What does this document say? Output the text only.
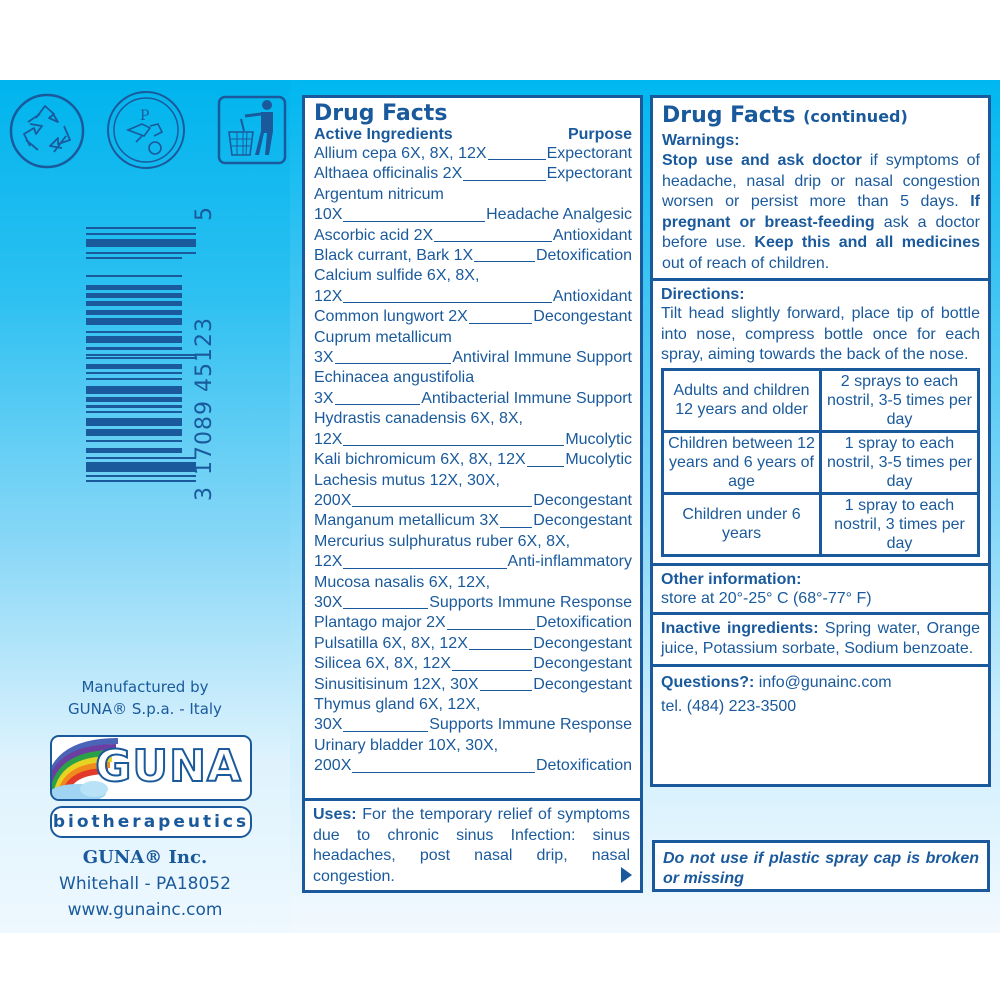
P
3
17089 45123
5
Manufactured by
GUNA® S.p.a. - Italy
GUNA
biotherapeutics
GUNA® Inc.
Whitehall - PA18052
www.gunainc.com
Drug Facts
Active Ingredients	Purpose
Allium cepa 6X, 8X, 12X	Expectorant
Althaea officinalis 2X	Expectorant
Argentum nitricum
10X	Headache Analgesic
Ascorbic acid 2X	Antioxidant
Black currant, Bark 1X	Detoxification
Calcium sulfide 6X, 8X,
12X	Antioxidant
Common lungwort 2X	Decongestant
Cuprum metallicum
3X	Antiviral Immune Support
Echinacea angustifolia
3X	Antibacterial Immune Support
Hydrastis canadensis 6X, 8X,
12X	Mucolytic
Kali bichromicum 6X, 8X, 12X Mucolytic
Lachesis mutus 12X, 30X,
200X	Decongestant
Manganum metallicum 3X Decongestant
Mercurius sulphuratus ruber 6X, 8X,
12X	Anti-inflammatory
Mucosa nasalis 6X, 12X,
30X	Supports Immune Response
Plantago major 2X	Detoxification
Pulsatilla 6X, 8X, 12X	Decongestant
Silicea 6X, 8X, 12X	Decongestant
Sinusitisinum 12X, 30X	Decongestant
Thymus gland 6X, 12X,
30X	Supports Immune Response
Urinary bladder 10X, 30X,
200X	Detoxification
Uses: For the temporary relief of symptoms due to chronic sinus Infection: sinus headaches, post nasal drip, nasal congestion.
Drug Facts (continued)
Warnings:
Stop use and ask doctor if symptoms of headache, nasal drip or nasal congestion worsen or persist more than 5 days. If pregnant or breast-feeding ask a doctor before use. Keep this and all medicines out of reach of children.
Directions:
Tilt head slightly forward, place tip of bottle into nose, compress bottle once for each spray, aiming towards the back of the nose.
Adults and children 12 years and older	2 sprays to each nostril, 3-5 times per day
Children between 12 years and 6 years of age	1 spray to each nostril, 3-5 times per day
Children under 6 years	1 spray to each nostril, 3 times per day
Other information:
store at 20°-25° C (68°-77° F)
Inactive ingredients: Spring water, Orange juice, Potassium sorbate, Sodium benzoate.
Questions?: info@gunainc.com
tel. (484) 223-3500
Do not use if plastic spray cap is broken or missing
